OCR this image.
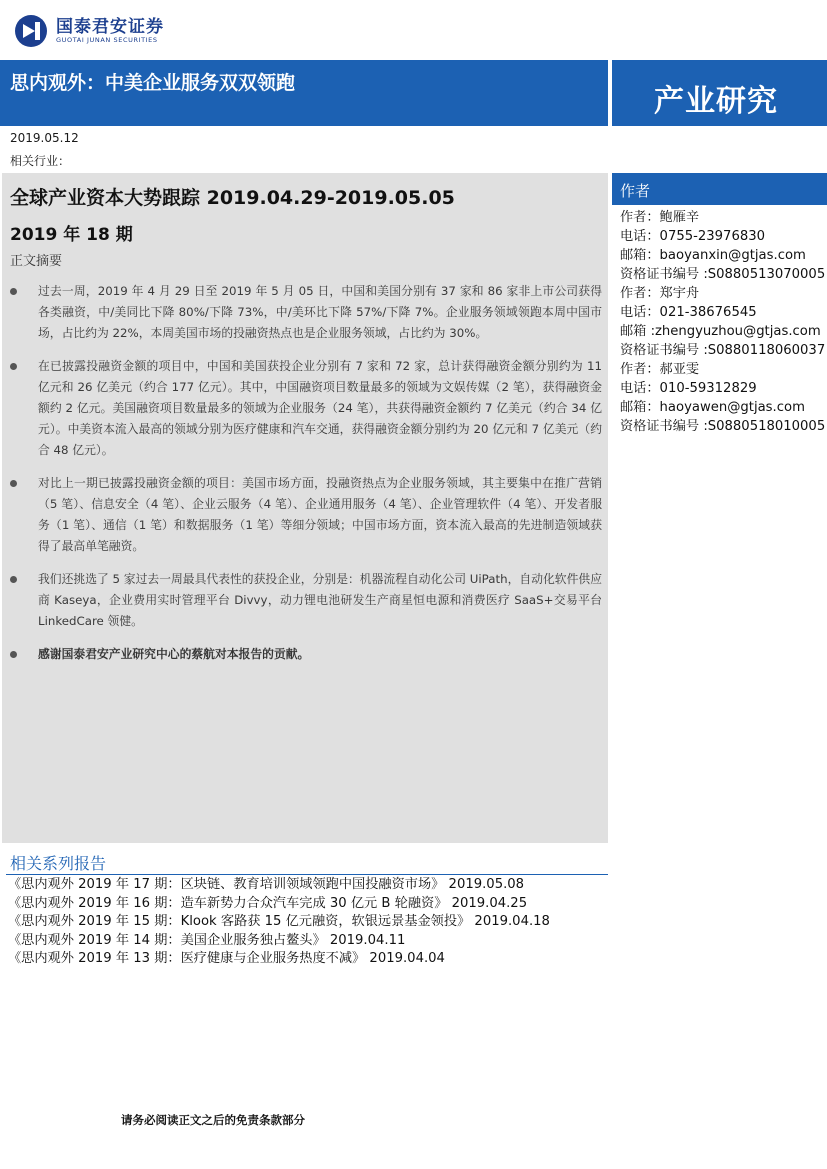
国泰君安证券
GUOTAI JUNAN SECURITIES
思内观外：中美企业服务双双领跑
产业研究
2019.05.12
相关行业：
全球产业资本大势跟踪 2019.04.29-2019.05.05
2019 年 18 期
正文摘要
过去一周，2019 年 4 月 29 日至 2019 年 5 月 05 日，中国和美国分别有 37 家和 86 家非上市公司获得各类融资，中/美同比下降 80%/下降 73%，中/美环比下降 57%/下降 7%。企业服务领域领跑本周中国市场，占比约为 22%，本周美国市场的投融资热点也是企业服务领域，占比约为 30%。
在已披露投融资金额的项目中，中国和美国获投企业分别有 7 家和 72 家，总计获得融资金额分别约为 11 亿元和 26 亿美元（约合 177 亿元）。其中，中国融资项目数量最多的领域为文娱传媒（2 笔），获得融资金额约 2 亿元。美国融资项目数量最多的领域为企业服务（24 笔），共获得融资金额约 7 亿美元（约合 34 亿元）。中美资本流入最高的领域分别为医疗健康和汽车交通，获得融资金额分别约为 20 亿元和 7 亿美元（约合 48 亿元）。
对比上一期已披露投融资金额的项目：美国市场方面，投融资热点为企业服务领域，其主要集中在推广营销（5 笔）、信息安全（4 笔）、企业云服务（4 笔）、企业通用服务（4 笔）、企业管理软件（4 笔）、开发者服务（1 笔）、通信（1 笔）和数据服务（1 笔）等细分领域；中国市场方面，资本流入最高的先进制造领域获得了最高单笔融资。
我们还挑选了 5 家过去一周最具代表性的获投企业，分别是：机器流程自动化公司 UiPath，自动化软件供应商 Kaseya，企业费用实时管理平台 Divvy，动力锂电池研发生产商星恒电源和消费医疗 SaaS+交易平台 LinkedCare 领健。
感谢国泰君安产业研究中心的蔡航对本报告的贡献。
作者
作者：鲍雁辛
电话：0755-23976830
邮箱：baoyanxin@gtjas.com
资格证书编号 :S0880513070005
作者：郑宇舟
电话：021-38676545
邮箱 :zhengyuzhou@gtjas.com
资格证书编号 :S0880118060037
作者：郝亚雯
电话：010-59312829
邮箱：haoyawen@gtjas.com
资格证书编号 :S0880518010005
相关系列报告
《思内观外 2019 年 17 期：区块链、教育培训领域领跑中国投融资市场》 2019.05.08
《思内观外 2019 年 16 期：造车新势力合众汽车完成 30 亿元 B 轮融资》 2019.04.25
《思内观外 2019 年 15 期：Klook 客路获 15 亿元融资，软银远景基金领投》 2019.04.18
《思内观外 2019 年 14 期：美国企业服务独占鳌头》 2019.04.11
《思内观外 2019 年 13 期：医疗健康与企业服务热度不减》 2019.04.04
请务必阅读正文之后的免责条款部分
